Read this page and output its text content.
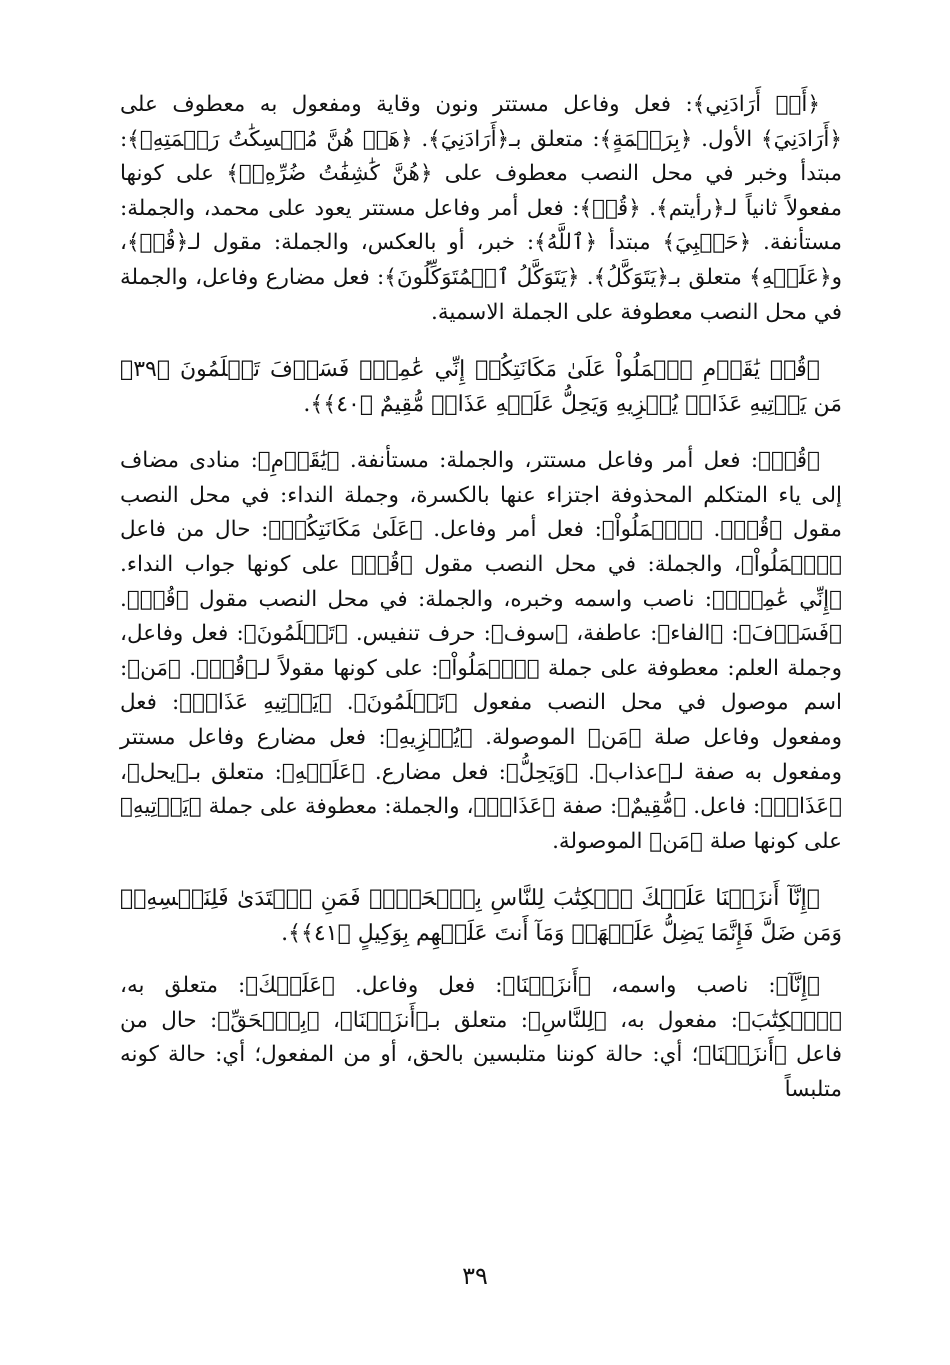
﴿أَوۡ أَرَادَنِي﴾: فعل وفاعل مستتر ونون وقاية ومفعول به معطوف على ﴿أَرَادَنِيَ﴾ الأول. ﴿بِرَحۡمَةٍ﴾: متعلق بـ﴿أَرَادَنِيَ﴾. ﴿هَلۡ هُنَّ مُمۡسِكَٰتُ رَحۡمَتِهِۦ﴾: مبتدأ وخبر في محل النصب معطوف على ﴿هُنَّ كَٰشِفَٰتُ ضُرِّهِۦٓ﴾ على كونها مفعولاً ثانياً لـ﴿رأيتم﴾. ﴿قُلۡ﴾: فعل أمر وفاعل مستتر يعود على محمد، والجملة: مستأنفة. ﴿حَسۡبِيَ﴾ مبتدأ ﴿ٱللَّهُ﴾: خبر، أو بالعكس، والجملة: مقول لـ﴿قُلۡ﴾، و﴿عَلَيۡهِ﴾ متعلق بـ﴿يَتَوَكَّلُ﴾. ﴿يَتَوَكَّلُ ٱلۡمُتَوَكِّلُونَ﴾: فعل مضارع وفاعل، والجملة في محل النصب معطوفة على الجملة الاسمية.

﴿قُلۡ يَٰقَوۡمِ ٱعۡمَلُواْ عَلَىٰ مَكَانَتِكُمۡ إِنِّي عَٰمِلٞۖ فَسَوۡفَ تَعۡلَمُونَ ﴿٣٩﴾ مَن يَأۡتِيهِ عَذَابٞ يُخۡزِيهِ وَيَحِلُّ عَلَيۡهِ عَذَابٞ مُّقِيمٌ ﴿٤٠﴾﴾.

﴿قُلۡ﴾: فعل أمر وفاعل مستتر، والجملة: مستأنفة. ﴿يَٰقَوۡمِ﴾: منادى مضاف إلى ياء المتكلم المحذوفة اجتزاء عنها بالكسرة، وجملة النداء: في محل النصب مقول ﴿قُلۡ﴾. ﴿ٱعۡمَلُواْ﴾: فعل أمر وفاعل. ﴿عَلَىٰ مَكَانَتِكُمۡ﴾: حال من فاعل ﴿ٱعۡمَلُواْ﴾، والجملة: في محل النصب مقول ﴿قُلۡ﴾ على كونها جواب النداء. ﴿إِنِّي عَٰمِلٞۖ﴾: ناصب واسمه وخبره، والجملة: في محل النصب مقول ﴿قُلۡ﴾. ﴿فَسَوۡفَ﴾: ﴿الفاء﴾: عاطفة، ﴿سوف﴾: حرف تنفيس. ﴿تَعۡلَمُونَ﴾: فعل وفاعل، وجملة العلم: معطوفة على جملة ﴿ٱعۡمَلُواْ﴾: على كونها مقولاً لـ﴿قُلۡ﴾. ﴿مَن﴾: اسم موصول في محل النصب مفعول ﴿تَعۡلَمُونَ﴾. ﴿يَأۡتِيهِ عَذَابٞ﴾: فعل ومفعول وفاعل صلة ﴿مَن﴾ الموصولة. ﴿يُخۡزِيهِ﴾: فعل مضارع وفاعل مستتر ومفعول به صفة لـ﴿عذاب﴾. ﴿وَيَحِلُّ﴾: فعل مضارع. ﴿عَلَيۡهِ﴾: متعلق بـ﴿يحل﴾، ﴿عَذَابٞ﴾: فاعل. ﴿مُّقِيمٌ﴾: صفة ﴿عَذَابٞ﴾، والجملة: معطوفة على جملة ﴿يَأۡتِيهِ﴾ على كونها صلة ﴿مَن﴾ الموصولة.

﴿إِنَّآ أَنزَلۡنَا عَلَيۡكَ ٱلۡكِتَٰبَ لِلنَّاسِ بِٱلۡحَقِّۖ فَمَنِ ٱهۡتَدَىٰ فَلِنَفۡسِهِۦۖ وَمَن ضَلَّ فَإِنَّمَا يَضِلُّ عَلَيۡهَاۖ وَمَآ أَنتَ عَلَيۡهِم بِوَكِيلٍ ﴿٤١﴾﴾.

﴿إِنَّآ﴾: ناصب واسمه، ﴿أَنزَلۡنَا﴾: فعل وفاعل. ﴿عَلَيۡكَ﴾: متعلق به، ﴿ٱلۡكِتَٰبَ﴾: مفعول به، ﴿لِلنَّاسِ﴾: متعلق بـ﴿أَنزَلۡنَا﴾، ﴿بِٱلۡحَقِّ﴾: حال من فاعل ﴿أَنزَلۡنَا﴾؛ أي: حالة كوننا متلبسين بالحق، أو من المفعول؛ أي: حالة كونه متلبساً

٣٩
